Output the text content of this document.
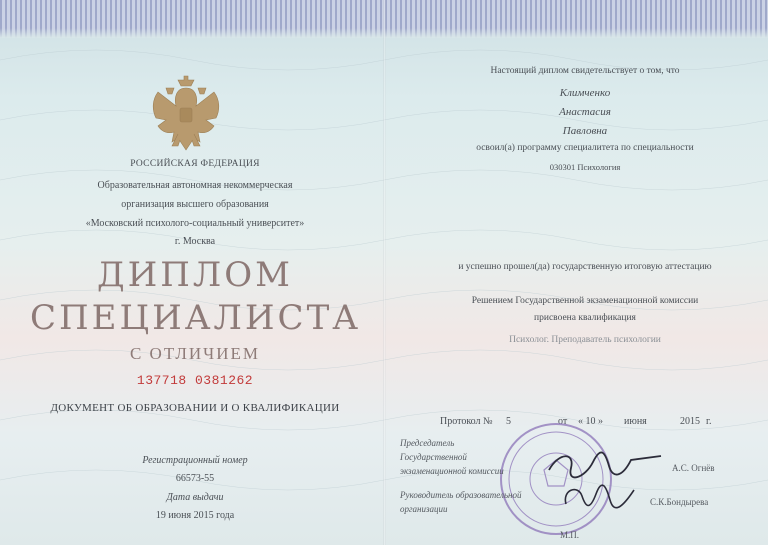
РОССИЙСКАЯ ФЕДЕРАЦИЯ
Образовательная автономная некоммерческая
организация высшего образования
«Московский психолого-социальный университет»
г. Москва
ДИПЛОМ
СПЕЦИАЛИСТА
С ОТЛИЧИЕМ
137718 0381262
ДОКУМЕНТ ОБ ОБРАЗОВАНИИ И О КВАЛИФИКАЦИИ
Регистрационный номер
66573-55
Дата выдачи
19 июня 2015 года
Настоящий диплом свидетельствует о том, что
Климченко
Анастасия
Павловна
освоил(а) программу специалитета по специальности
030301 Психология
и успешно прошел(да) государственную итоговую аттестацию
Решением Государственной экзаменационной комиссии
присвоена квалификация
Психолог. Преподаватель психологии
Протокол № 5	от « 10 » июня	2015 г.
Председатель
Государственной
экзаменационной комиссии	А.С. Огнёв
Руководитель образовательной
организации
С.К.Бондырева
М.П.
